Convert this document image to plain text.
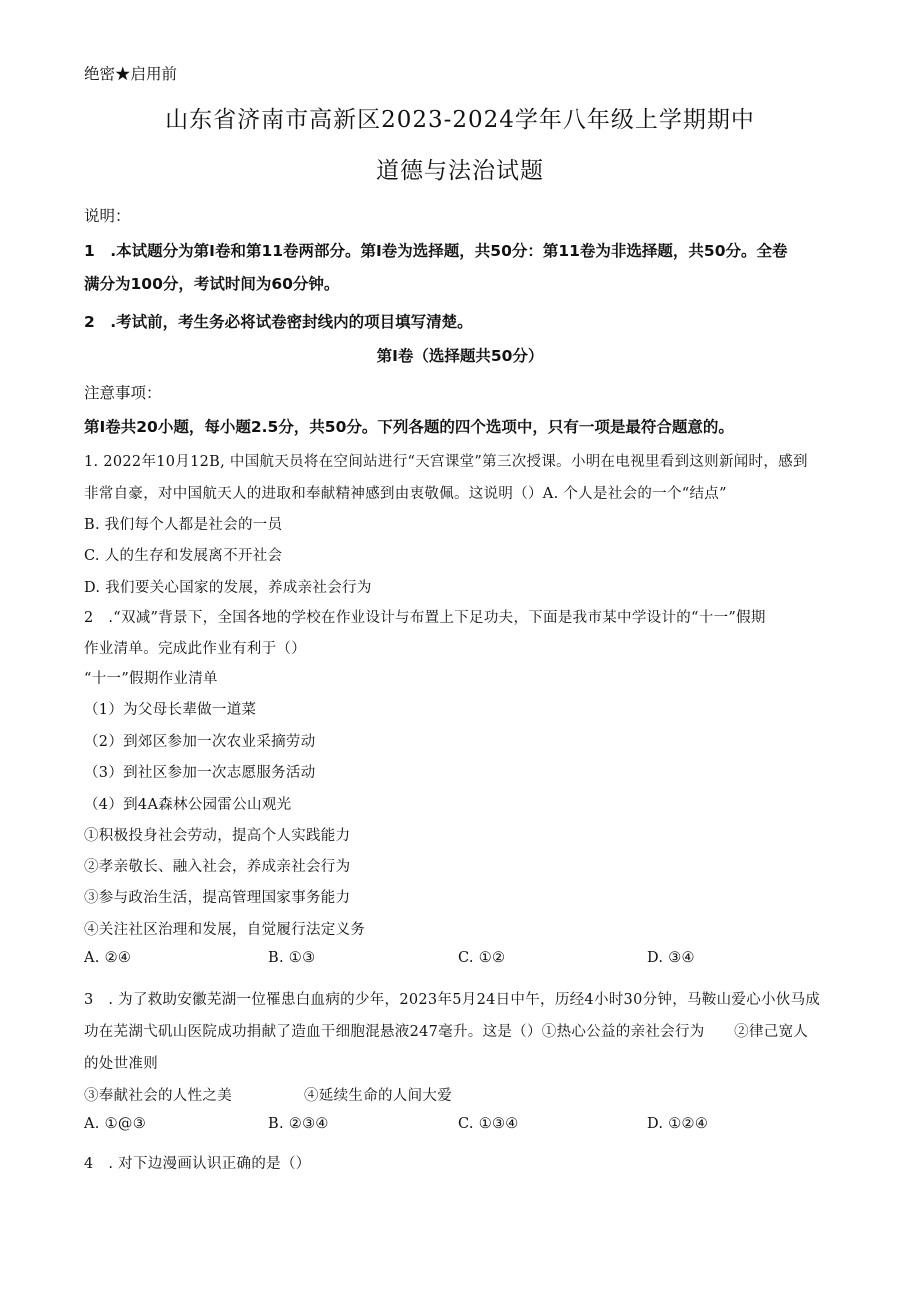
绝密★启用前
山东省济南市高新区2023-2024学年八年级上学期期中
道德与法治试题
说明：
1　.本试题分为第Ⅰ卷和第11卷两部分。第Ⅰ卷为选择题，共50分：第11卷为非选择题，共50分。全卷
满分为100分，考试时间为60分钟。
2　.考试前，考生务必将试卷密封线内的项目填写清楚。
第Ⅰ卷（选择题共50分）
注意事项：
第Ⅰ卷共20小题，每小题2.5分，共50分。下列各题的四个选项中，只有一项是最符合题意的。
1. 2022年10月12B, 中国航天员将在空间站进行“天宫课堂”第三次授课。小明在电视里看到这则新闻时，感到
非常自豪，对中国航天人的进取和奉献精神感到由衷敬佩。这说明（）A. 个人是社会的一个“结点”
B. 我们每个人都是社会的一员
C. 人的生存和发展离不开社会
D. 我们要关心国家的发展，养成亲社会行为
2　.“双减”背景下，全国各地的学校在作业设计与布置上下足功夫，下面是我市某中学设计的“十一”假期
作业清单。完成此作业有利于（）
“十一”假期作业清单
（1）为父母长辈做一道菜
（2）到郊区参加一次农业采摘劳动
（3）到社区参加一次志愿服务活动
（4）到4A森林公园雷公山观光
①积极投身社会劳动，提高个人实践能力
②孝亲敬长、融入社会，养成亲社会行为
③参与政治生活，提高管理国家事务能力
④关注社区治理和发展，自觉履行法定义务
A. ②④	B. ①③	C. ①②	D. ③④
3　. 为了救助安徽芜湖一位罹患白血病的少年，2023年5月24日中午，历经4小时30分钟，马鞍山爱心小伙马成
功在芜湖弋矶山医院成功捐献了造血干细胞混悬液247毫升。这是（）①热心公益的亲社会行为　　②律己宽人
的处世准则
③奉献社会的人性之美	④延续生命的人间大爱
A. ①@③	B. ②③④	C. ①③④	D. ①②④
4　. 对下边漫画认识正确的是（）
